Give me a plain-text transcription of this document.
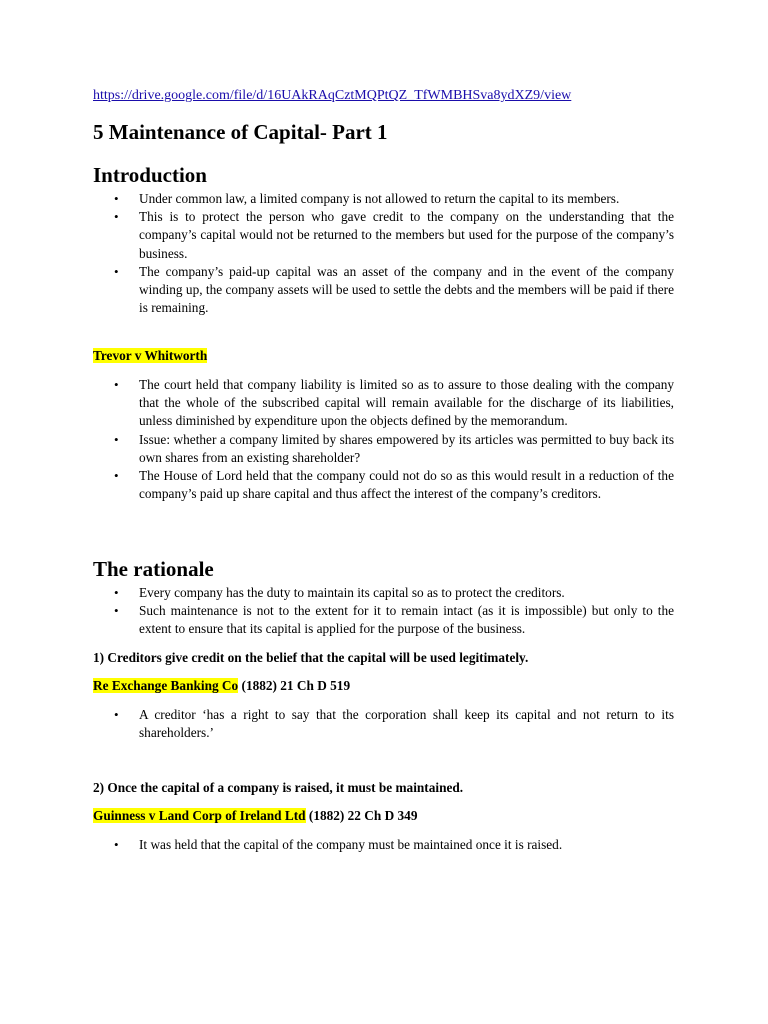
https://drive.google.com/file/d/16UAkRAqCztMQPtQZ_TfWMBHSva8ydXZ9/view
5 Maintenance of Capital- Part 1
Introduction
• Under common law, a limited company is not allowed to return the capital to its members.
• This is to protect the person who gave credit to the company on the understanding that the company’s capital would not be returned to the members but used for the purpose of the company’s business.
• The company’s paid-up capital was an asset of the company and in the event of the company winding up, the company assets will be used to settle the debts and the members will be paid if there is remaining.

Trevor v Whitworth

• The court held that company liability is limited so as to assure to those dealing with the company that the whole of the subscribed capital will remain available for the discharge of its liabilities, unless diminished by expenditure upon the objects defined by the memorandum.
• Issue: whether a company limited by shares empowered by its articles was permitted to buy back its own shares from an existing shareholder?
• The House of Lord held that the company could not do so as this would result in a reduction of the company’s paid up share capital and thus affect the interest of the company’s creditors.
The rationale
• Every company has the duty to maintain its capital so as to protect the creditors.
• Such maintenance is not to the extent for it to remain intact (as it is impossible) but only to the extent to ensure that its capital is applied for the purpose of the business.

1) Creditors give credit on the belief that the capital will be used legitimately.

Re Exchange Banking Co (1882) 21 Ch D 519

• A creditor ‘has a right to say that the corporation shall keep its capital and not return to its shareholders.’

2) Once the capital of a company is raised, it must be maintained.

Guinness v Land Corp of Ireland Ltd (1882) 22 Ch D 349

• It was held that the capital of the company must be maintained once it is raised.
